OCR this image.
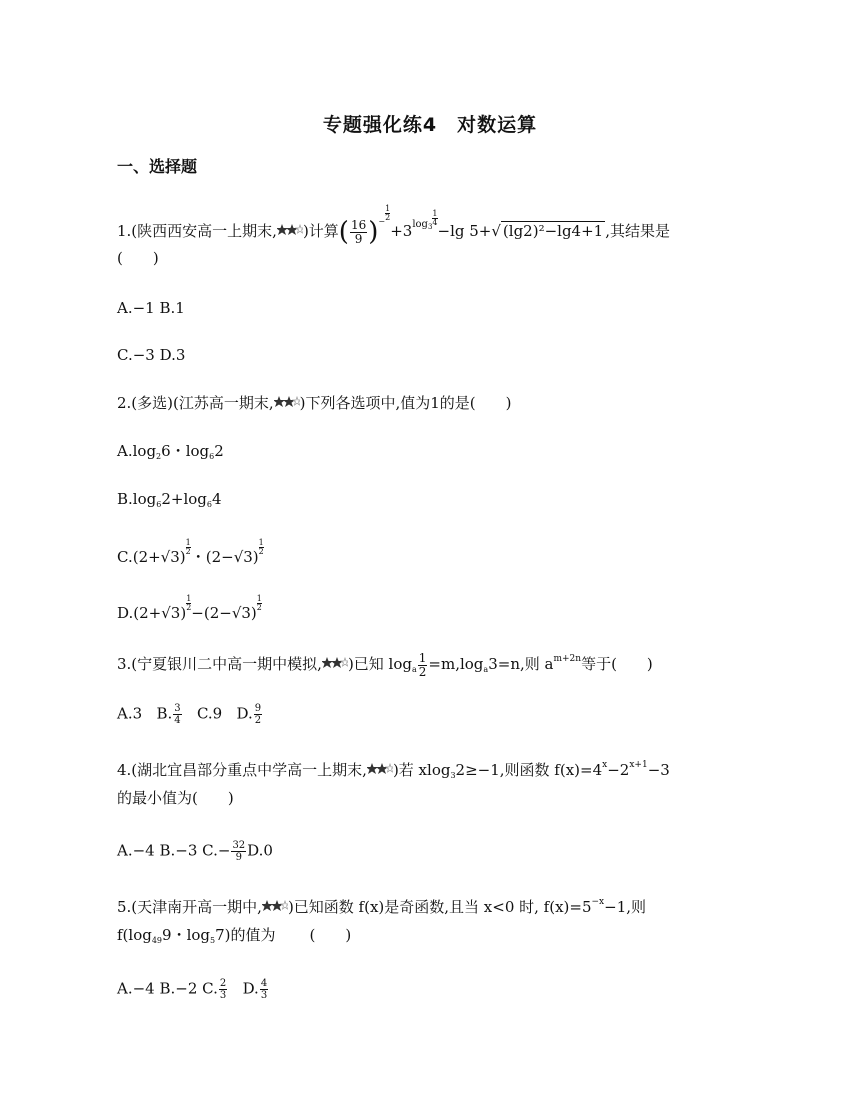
专题强化练4　对数运算
一、选择题
1.(陕西西安高一上期末, )计算( $\frac{16}{9}$ )− $\frac{1}{2}$
$+3^{log_3 \frac{1}{4}}$
−lg 5+√ (lg2)²−lg4+1 ,其结果是
(　　)
A.−1 B.1
C.−3 D.3
2.(多选)(江苏高一期末, )下列各选项中,值为1的是(　　)
$A.\log_26$・$\log_62$
$B.\log_62+\log_64$
C.(2+√3)
$\frac{1}{2}$
・(2−√3)
$\frac{1}{2}$
D.(2+√3)
$\frac{1}{2}$
−(2−√3)
$\frac{1}{2}$
3.(宁夏银川二中高一期中模拟, )已知 $\log_a \frac{1}{2} =m,\log_a3=n$,则 $a^{m+2n}$等于(　　)
A.3 B. $\frac{3}{4} C.9$ D. $\frac{9}{2}$
4.(湖北宜昌部分重点中学高一上期末, )若 xlog$_3$2≥−1,则函数 $f(x)=4^x-2^{x+1}-3$
的最小值为(　　)
A.−4 B.−3 $C.- \frac{32}{9} D.0$
5.(天津南开高一期中, )已知函数 f(x)是奇函数,且当 x<0 时, $f(x)=5^{-x}-1$,则
$f(\log_{49}9$・$\log_57$)的值为 (　　)
A.−4 B.−2 C. $\frac{2}{3} D$. $\frac{4}{3}$
